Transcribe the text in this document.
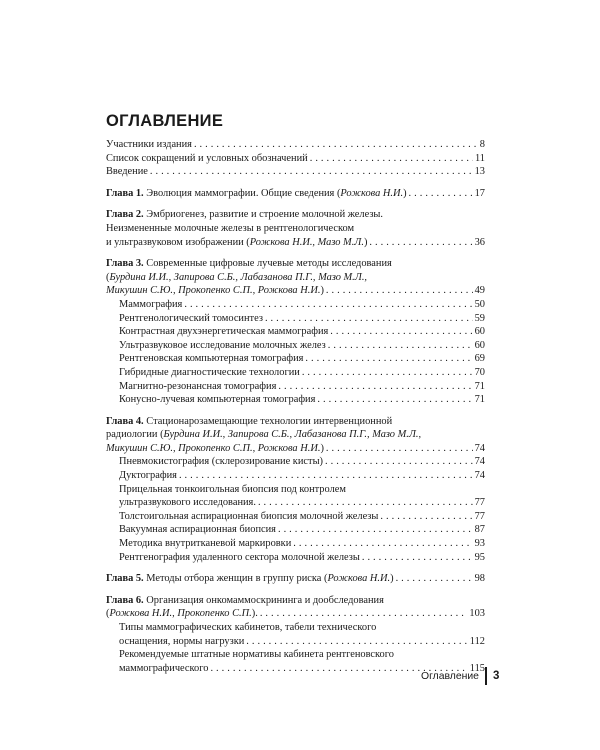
ОГЛАВЛЕНИЕ
Участники издания . . .	8
Список сокращений и условных обозначений . . .	11
Введение . . .	13
Глава 1. Эволюция маммографии. Общие сведения (Рожкова Н.И.) . . .	17
Глава 2. Эмбриогенез, развитие и строение молочной железы.
Неизмененные молочные железы в рентгенологическом
и ультразвуковом изображении (Рожкова Н.И., Мазо М.Л.) . . .	36
Глава 3. Современные цифровые лучевые методы исследования
(Бурдина И.И., Запирова С.Б., Лабазанова П.Г., Мазо М.Л.,
Микушин С.Ю., Прокопенко С.П., Рожкова Н.И.) . . .	49
Маммография . . .	50
Рентгенологический томосинтез . . .	59
Контрастная двухэнергетическая маммография . . .	60
Ультразвуковое исследование молочных желез . . .	60
Рентгеновская компьютерная томография . . .	69
Гибридные диагностические технологии . . .	70
Магнитно-резонансная томография . . .	71
Конусно-лучевая компьютерная томография . . .	71
Глава 4. Стационарозамещающие технологии интервенционной
радиологии (Бурдина И.И., Запирова С.Б., Лабазанова П.Г., Мазо М.Л.,
Микушин С.Ю., Прокопенко С.П., Рожкова Н.И.) . . .	74
Пневмокистография (склерозирование кисты) . . .	74
Дуктография . . .	74
Прицельная тонкоигольная биопсия под контролем
ультразвукового исследования. . . .	77
Толстоигольная аспирационная биопсия молочной железы . . .	77
Вакуумная аспирационная биопсия . . .	87
Методика внутритканевой маркировки . . .	93
Рентгенография удаленного сектора молочной железы . . .	95
Глава 5. Методы отбора женщин в группу риска (Рожкова Н.И.) . . .	98
Глава 6. Организация онкомаммоскрининга и дообследования
(Рожкова Н.И., Прокопенко С.П.). . . .	103
Типы маммографических кабинетов, табели технического
оснащения, нормы нагрузки . . .	112
Рекомендуемые штатные нормативы кабинета рентгеновского
маммографического . . .	115
Оглавление 3
